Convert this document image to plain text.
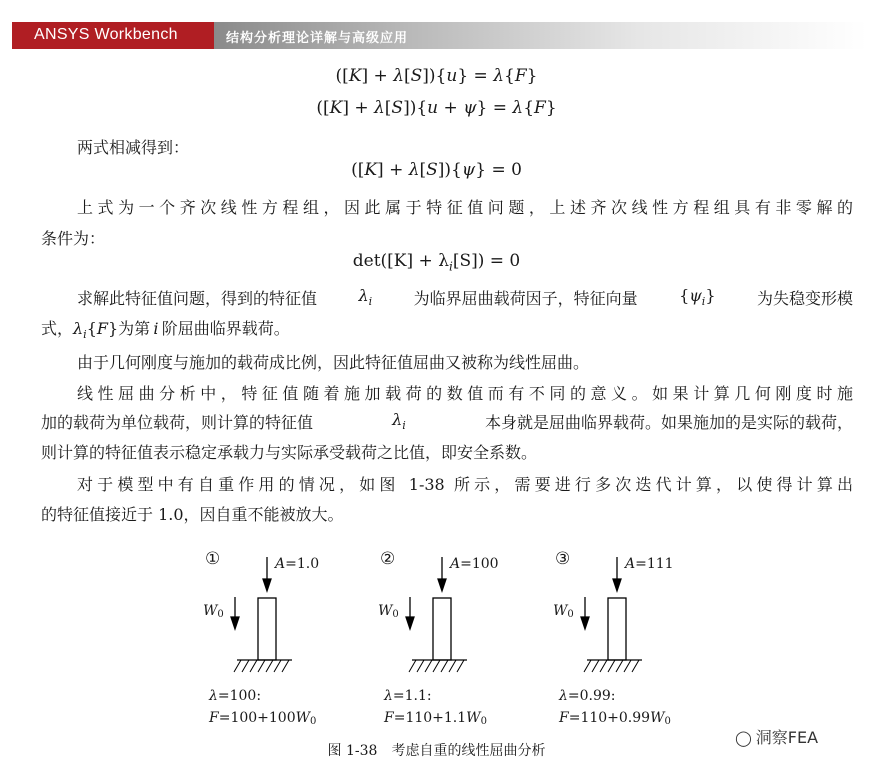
ANSYS Workbench	结构分析理论详解与高级应用
([K] + λ[S]){u} = λ{F}
([K] + λ[S]){u + ψ} = λ{F}
两式相减得到：
([K] + λ[S]){ψ} = 0
上式为一个齐次线性方程组，因此属于特征值问题，上述齐次线性方程组具有非零解的
条件为：
$\det([K] + \lambda_i[S]) = 0$
求解此特征值问题，得到的特征值	$\lambda_i$	为临界屈曲载荷因子，特征向量	$\{\psi_i\}$	为失稳变形模
式，$\lambda_i\{F\}$为第  i  阶屈曲临界载荷。
由于几何刚度与施加的载荷成比例，因此特征值屈曲又被称为线性屈曲。
线性屈曲分析中，特征值随着施加载荷的数值而有不同的意义。如果计算几何刚度时施
加的载荷为单位载荷，则计算的特征值	$\lambda_i$	本身就是屈曲临界载荷。如果施加的是实际的载荷，
则计算的特征值表示稳定承载力与实际承受载荷之比值，即安全系数。
对于模型中有自重作用的情况，如图 1-38 所示，需要进行多次迭代计算，以使得计算出
的特征值接近于 1.0，因自重不能被放大。
①	A=1.0
W0
λ=100:
F=100+100W0
②	A=100
W0
λ=1.1:
F=110+1.1W0
③	A=111
W0
λ=0.99:
F=110+0.99W0
图 1-38　考虑自重的线性屈曲分析
◯ 洞察FEA
